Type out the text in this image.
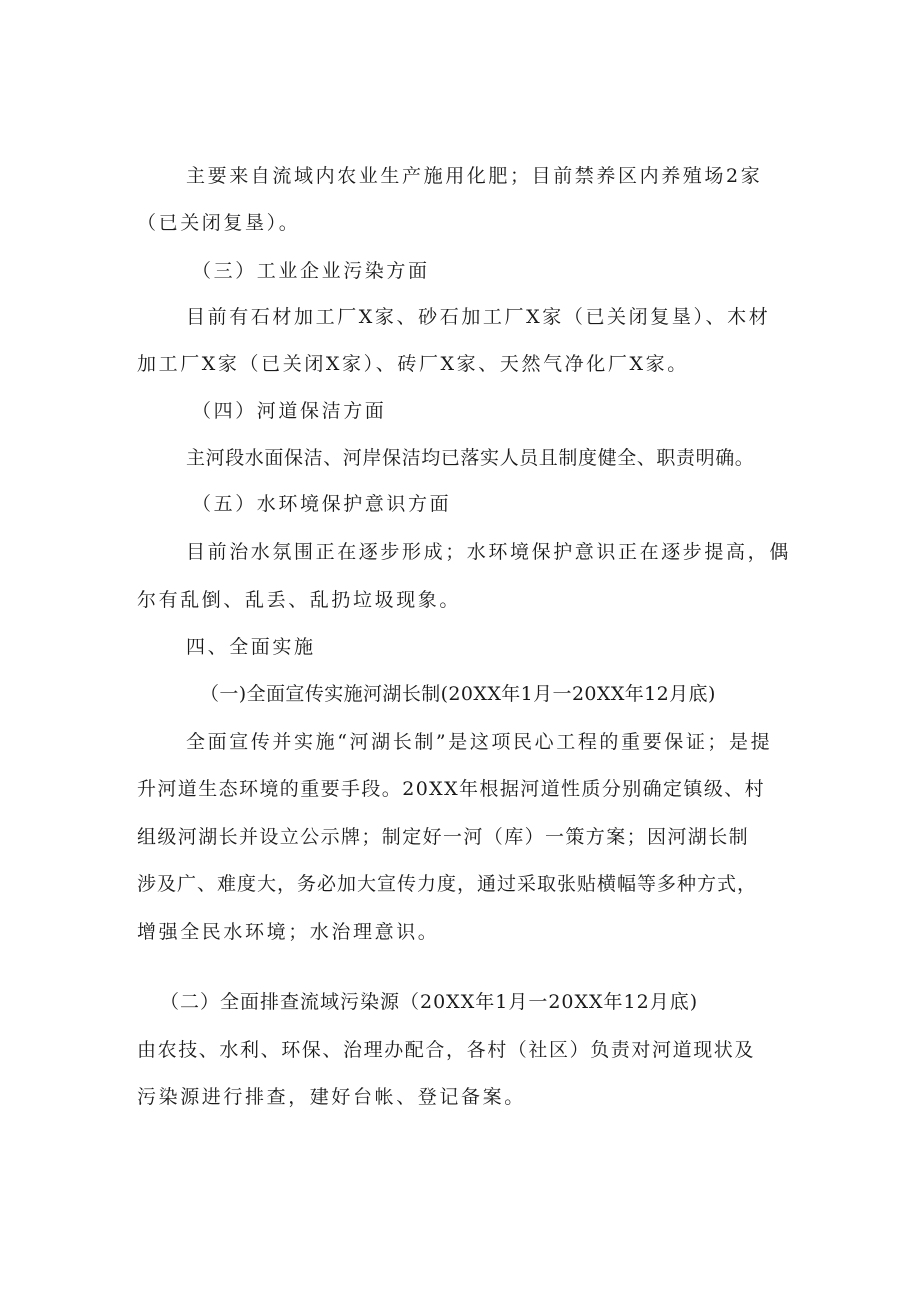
主要来自流域内农业生产施用化肥；目前禁养区内养殖场2家
（已关闭复垦）。
（三）工业企业污染方面
目前有石材加工厂X家、砂石加工厂X家（已关闭复垦）、木材
加工厂X家（已关闭X家）、砖厂X家、天然气净化厂X家。
（四）河道保洁方面
主河段水面保洁、河岸保洁均已落实人员且制度健全、职责明确。
（五）水环境保护意识方面
目前治水氛围正在逐步形成；水环境保护意识正在逐步提高，偶
尔有乱倒、乱丢、乱扔垃圾现象。
四、全面实施
（一)全面宣传实施河湖长制(20XX年1月一20XX年12月底)
全面宣传并实施“河湖长制”是这项民心工程的重要保证；是提
升河道生态环境的重要手段。20XX年根据河道性质分别确定镇级、村
组级河湖长并设立公示牌；制定好一河（库）一策方案；因河湖长制
涉及广、难度大，务必加大宣传力度，通过采取张贴横幅等多种方式，
增强全民水环境；水治理意识。
（二）全面排查流域污染源（20XX年1月一20XX年12月底)
由农技、水利、环保、治理办配合，各村（社区）负责对河道现状及
污染源进行排查，建好台帐、登记备案。
